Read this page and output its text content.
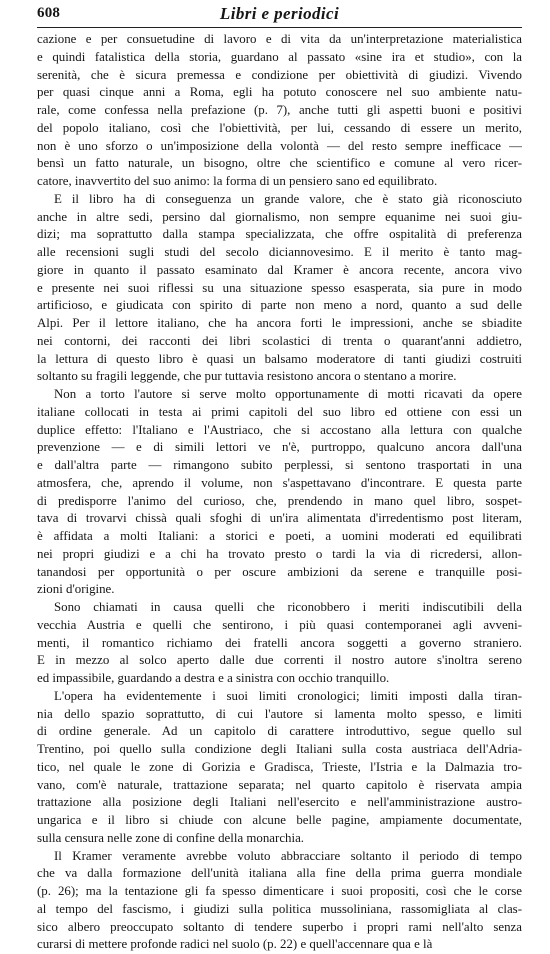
608	Libri e periodici
cazione e per consuetudine di lavoro e di vita da un'interpretazione materialistica
e quindi fatalistica della storia, guardano al passato «sine ira et studio», con la
serenità, che è sicura premessa e condizione per obiettività di giudizi. Vivendo
per quasi cinque anni a Roma, egli ha potuto conoscere nel suo ambiente natu-
rale, come confessa nella prefazione (p. 7), anche tutti gli aspetti buoni e positivi
del popolo italiano, così che l'obiettività, per lui, cessando di essere un merito,
non è uno sforzo o un'imposizione della volontà — del resto sempre inefficace —
bensì un fatto naturale, un bisogno, oltre che scientifico e comune al vero ricer-
catore, inavvertito del suo animo: la forma di un pensiero sano ed equilibrato.
E il libro ha di conseguenza un grande valore, che è stato già riconosciuto
anche in altre sedi, persino dal giornalismo, non sempre equanime nei suoi giu-
dizi; ma soprattutto dalla stampa specializzata, che offre ospitalità di preferenza
alle recensioni sugli studi del secolo diciannovesimo. E il merito è tanto mag-
giore in quanto il passato esaminato dal Kramer è ancora recente, ancora vivo
e presente nei suoi riflessi su una situazione spesso esasperata, sia pure in modo
artificioso, e giudicata con spirito di parte non meno a nord, quanto a sud delle
Alpi. Per il lettore italiano, che ha ancora forti le impressioni, anche se sbiadite
nei contorni, dei racconti dei libri scolastici di trenta o quarant'anni addietro,
la lettura di questo libro è quasi un balsamo moderatore di tanti giudizi costruiti
soltanto su fragili leggende, che pur tuttavia resistono ancora o stentano a morire.
Non a torto l'autore si serve molto opportunamente di motti ricavati da opere
italiane collocati in testa ai primi capitoli del suo libro ed ottiene con essi un
duplice effetto: l'Italiano e l'Austriaco, che si accostano alla lettura con qualche
prevenzione — e di simili lettori ve n'è, purtroppo, qualcuno ancora dall'una
e dall'altra parte — rimangono subito perplessi, si sentono trasportati in una
atmosfera, che, aprendo il volume, non s'aspettavano d'incontrare. E questa parte
di predisporre l'animo del curioso, che, prendendo in mano quel libro, sospet-
tava di trovarvi chissà quali sfoghi di un'ira alimentata d'irredentismo post literam,
è affidata a molti Italiani: a storici e poeti, a uomini moderati ed equilibrati
nei propri giudizi e a chi ha trovato presto o tardi la via di ricredersi, allon-
tanandosi per opportunità o per oscure ambizioni da serene e tranquille posi-
zioni d'origine.
Sono chiamati in causa quelli che riconobbero i meriti indiscutibili della
vecchia Austria e quelli che sentirono, i più quasi contemporanei agli avveni-
menti, il romantico richiamo dei fratelli ancora soggetti a governo straniero.
E in mezzo al solco aperto dalle due correnti il nostro autore s'inoltra sereno
ed impassibile, guardando a destra e a sinistra con occhio tranquillo.
L'opera ha evidentemente i suoi limiti cronologici; limiti imposti dalla tiran-
nia dello spazio soprattutto, di cui l'autore si lamenta molto spesso, e limiti
di ordine generale. Ad un capitolo di carattere introduttivo, segue quello sul
Trentino, poi quello sulla condizione degli Italiani sulla costa austriaca dell'Adria-
tico, nel quale le zone di Gorizia e Gradisca, Trieste, l'Istria e la Dalmazia tro-
vano, com'è naturale, trattazione separata; nel quarto capitolo è riservata ampia
trattazione alla posizione degli Italiani nell'esercito e nell'amministrazione austro-
ungarica e il libro si chiude con alcune belle pagine, ampiamente documentate,
sulla censura nelle zone di confine della monarchia.
Il Kramer veramente avrebbe voluto abbracciare soltanto il periodo di tempo
che va dalla formazione dell'unità italiana alla fine della prima guerra mondiale
(p. 26); ma la tentazione gli fa spesso dimenticare i suoi propositi, così che le corse
al tempo del fascismo, i giudizi sulla politica mussoliniana, rassomigliata al clas-
sico albero preoccupato soltanto di tendere superbo i propri rami nell'alto senza
curarsi di mettere profonde radici nel suolo (p. 22) e quell'accennare qua e là
